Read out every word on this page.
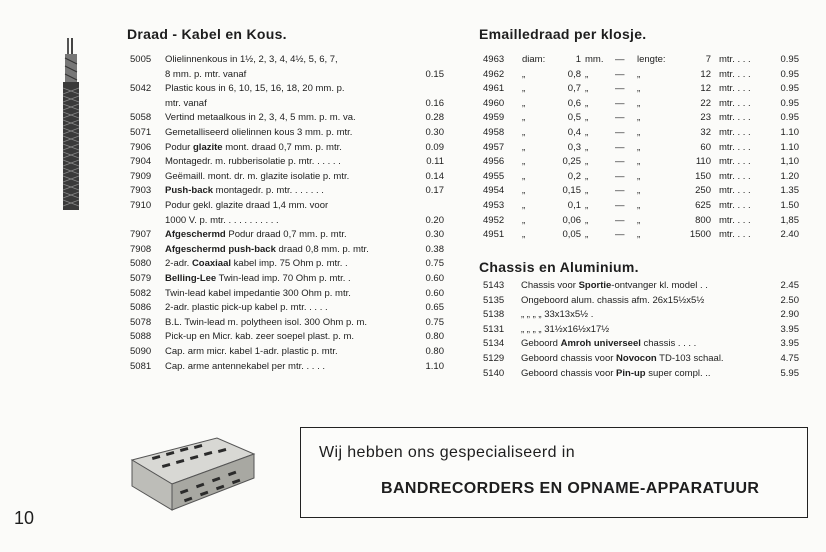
Draad - Kabel en Kous.
5005 Olielinnenkous in 1½, 2, 3, 4, 4½, 5, 6, 7,
8 mm. p. mtr. vanaf	0.15
5042 Plastic kous in 6, 10, 15, 16, 18, 20 mm. p.
mtr. vanaf	0.16
5058 Vertind metaalkous in 2, 3, 4, 5 mm. p. m. va.	0.28
5071 Gemetalliseerd olielinnen kous 3 mm. p. mtr.	0.30
7906 Podur glazite mont. draad 0,7 mm. p. mtr.	0.09
7904 Montagedr. m. rubberisolatie p. mtr. . . . . .	0.11
7909 Geëmaill. mont. dr. m. glazite isolatie p. mtr.	0.14
7903 Push-back montagedr. p. mtr. . . . . . .	0.17
7910 Podur gekl. glazite draad 1,4 mm. voor
1000 V. p. mtr. . . . . . . . . . .	0.20
7907 Afgeschermd Podur draad 0,7 mm. p. mtr.	0.30
7908 Afgeschermd push-back draad 0,8 mm. p. mtr.	0.38
5080 2-adr. Coaxiaal kabel imp. 75 Ohm p. mtr. .	0.75
5079 Belling-Lee Twin-lead imp. 70 Ohm p. mtr. .	0.60
5082 Twin-lead kabel impedantie 300 Ohm p. mtr.	0.60
5086 2-adr. plastic pick-up kabel p. mtr. . . . .	0.65
5078 B.L. Twin-lead m. polytheen isol. 300 Ohm p. m.	0.75
5088 Pick-up en Micr. kab. zeer soepel plast. p. m.	0.80
5090 Cap. arm micr. kabel 1-adr. plastic p. mtr.	0.80
5081 Cap. arme antennekabel per mtr. . . . .	1.10
Emailledraad per klosje.
4963 diam:	1 mm. — lengte:	7 mtr. . . .	0.95
4962 „	0,8 „	— „	12 mtr. . . .	0.95
4961 „	0,7 „	— „	12 mtr. . . .	0.95
4960 „	0,6 „	— „	22 mtr. . . .	0.95
4959 „	0,5 „	— „	23 mtr. . . .	0.95
4958 „	0,4 „	— „	32 mtr. . . .	1.10
4957 „	0,3 „	— „	60 mtr. . . .	1.10
4956 „	0,25 „	— „	110 mtr. . . .	1,10
4955 „	0,2 „	— „	150 mtr. . . .	1.20
4954 „	0,15 „	— „	250 mtr. . . .	1.35
4953 „	0,1 „	— „	625 mtr. . . .	1.50
4952 „	0,06 „	— „	800 mtr. . . .	1,85
4951 „	0,05 „	— „	1500 mtr. . . .	2.40
Chassis en Aluminium.
5143 Chassis voor Sportie-ontvanger kl. model . .	2.45
5135 Ongeboord alum. chassis afm. 26x15½x5½	2.50
5138 „ „ „ „ 33x13x5½ .	2.90
5131 „ „ „ „ 31½x16½x17½	3.95
5134 Geboord Amroh universeel chassis . . . .	3.95
5129 Geboord chassis voor Novocon TD-103 schaal.	4.75
5140 Geboord chassis voor Pin-up super compl. ..	5.95
Wij hebben ons gespecialiseerd in
BANDRECORDERS EN OPNAME-APPARATUUR
10
